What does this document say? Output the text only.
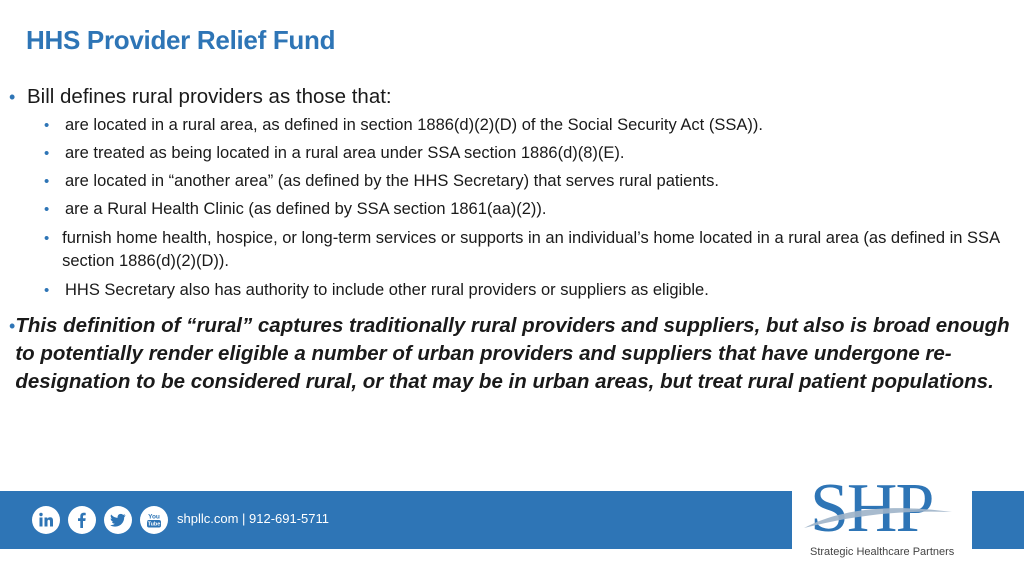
HHS Provider Relief Fund
• Bill defines rural providers as those that:
• are located in a rural area, as defined in section 1886(d)(2)(D) of the Social Security Act (SSA)).
• are treated as being located in a rural area under SSA section 1886(d)(8)(E).
• are located in “another area” (as defined by the HHS Secretary) that serves rural patients.
• are a Rural Health Clinic (as defined by SSA section 1861(aa)(2)).
• furnish home health, hospice, or long-term services or supports in an individual’s home located in a rural area (as defined in SSA section 1886(d)(2)(D)).
• HHS Secretary also has authority to include other rural providers or suppliers as eligible.
• This definition of “rural” captures traditionally rural providers and suppliers, but also is broad enough to potentially render eligible a number of urban providers and suppliers that have undergone re-designation to be considered rural, or that may be in urban areas, but treat rural patient populations.
You
Tube shpllc.com | 912-691-5711	SHP
Strategic Healthcare Partners
